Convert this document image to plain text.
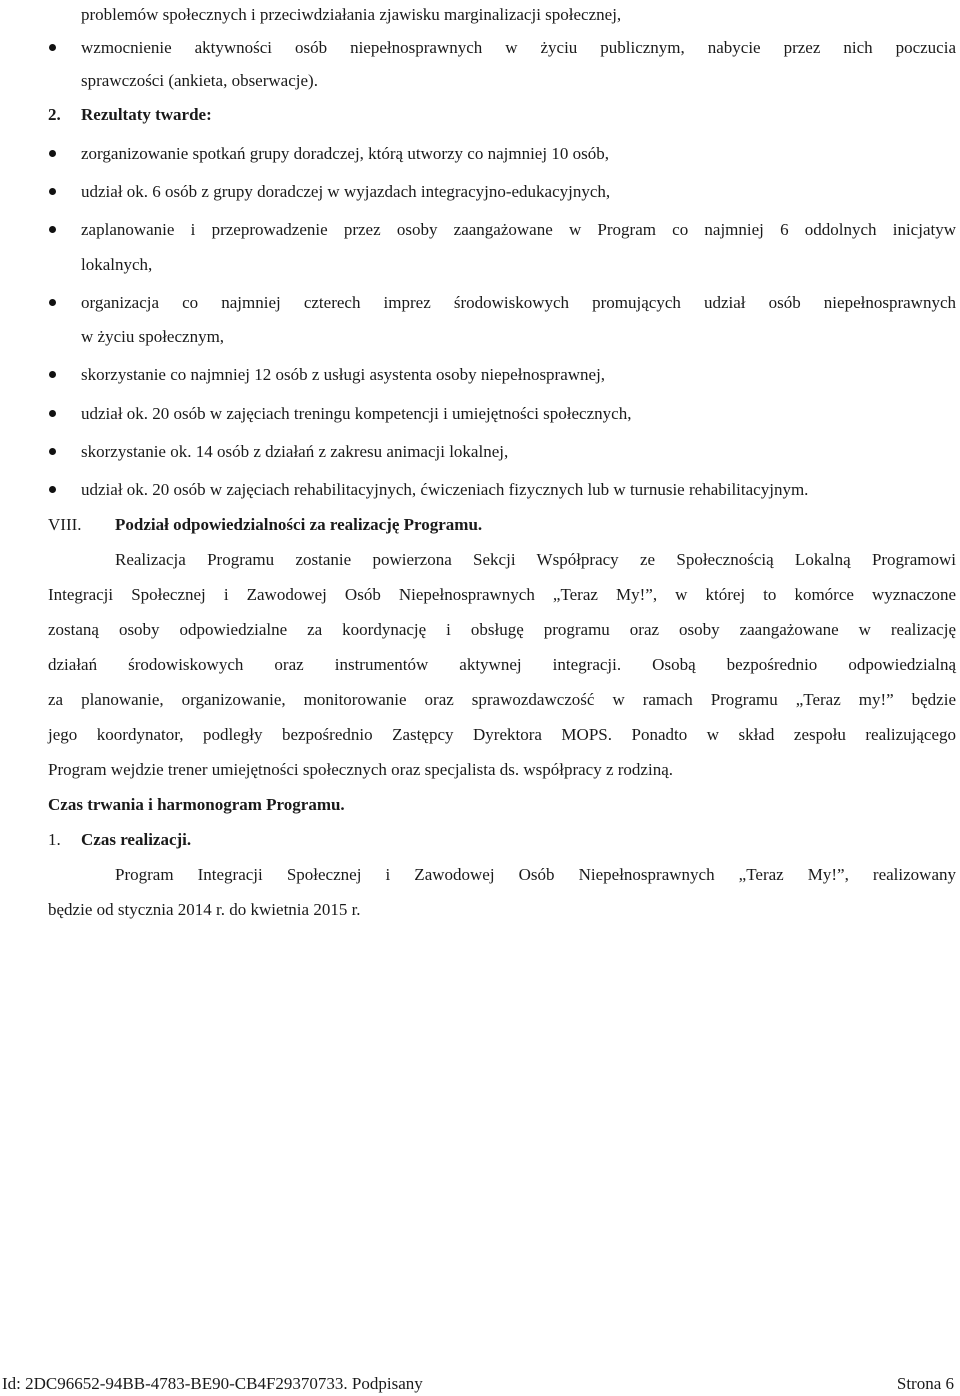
problemów społecznych i przeciwdziałania zjawisku marginalizacji społecznej,
wzmocnienie aktywności osób niepełnosprawnych w życiu publicznym, nabycie przez nich poczucia
sprawczości (ankieta, obserwacje).
2. Rezultaty twarde:
zorganizowanie spotkań grupy doradczej, którą utworzy co najmniej 10 osób,
udział ok. 6 osób z grupy doradczej w wyjazdach integracyjno-edukacyjnych,
zaplanowanie i przeprowadzenie przez osoby zaangażowane w Program co najmniej 6 oddolnych inicjatyw
lokalnych,
organizacja co najmniej czterech imprez środowiskowych promujących udział osób niepełnosprawnych
w życiu społecznym,
skorzystanie co najmniej 12 osób z usługi asystenta osoby niepełnosprawnej,
udział ok. 20 osób w zajęciach treningu kompetencji i umiejętności społecznych,
skorzystanie ok. 14 osób z działań z zakresu animacji lokalnej,
udział ok. 20 osób w zajęciach rehabilitacyjnych, ćwiczeniach fizycznych lub w turnusie rehabilitacyjnym.
VIII. Podział odpowiedzialności za realizację Programu.
Realizacja Programu zostanie powierzona Sekcji Współpracy ze Społecznością Lokalną Programowi
Integracji Społecznej i Zawodowej Osób Niepełnosprawnych „Teraz My!”, w której to komórce wyznaczone
zostaną osoby odpowiedzialne za koordynację i obsługę programu oraz osoby zaangażowane w realizację
działań środowiskowych oraz instrumentów aktywnej integracji. Osobą bezpośrednio odpowiedzialną
za planowanie, organizowanie, monitorowanie oraz sprawozdawczość w ramach Programu „Teraz my!” będzie
jego koordynator, podległy bezpośrednio Zastępcy Dyrektora MOPS. Ponadto w skład zespołu realizującego
Program wejdzie trener umiejętności społecznych oraz specjalista ds. współpracy z rodziną.
Czas trwania i harmonogram Programu.
1. Czas realizacji.
Program Integracji Społecznej i Zawodowej Osób Niepełnosprawnych „Teraz My!”, realizowany
będzie od stycznia 2014 r. do kwietnia 2015 r.
Id: 2DC96652-94BB-4783-BE90-CB4F29370733. Podpisany	Strona 6
